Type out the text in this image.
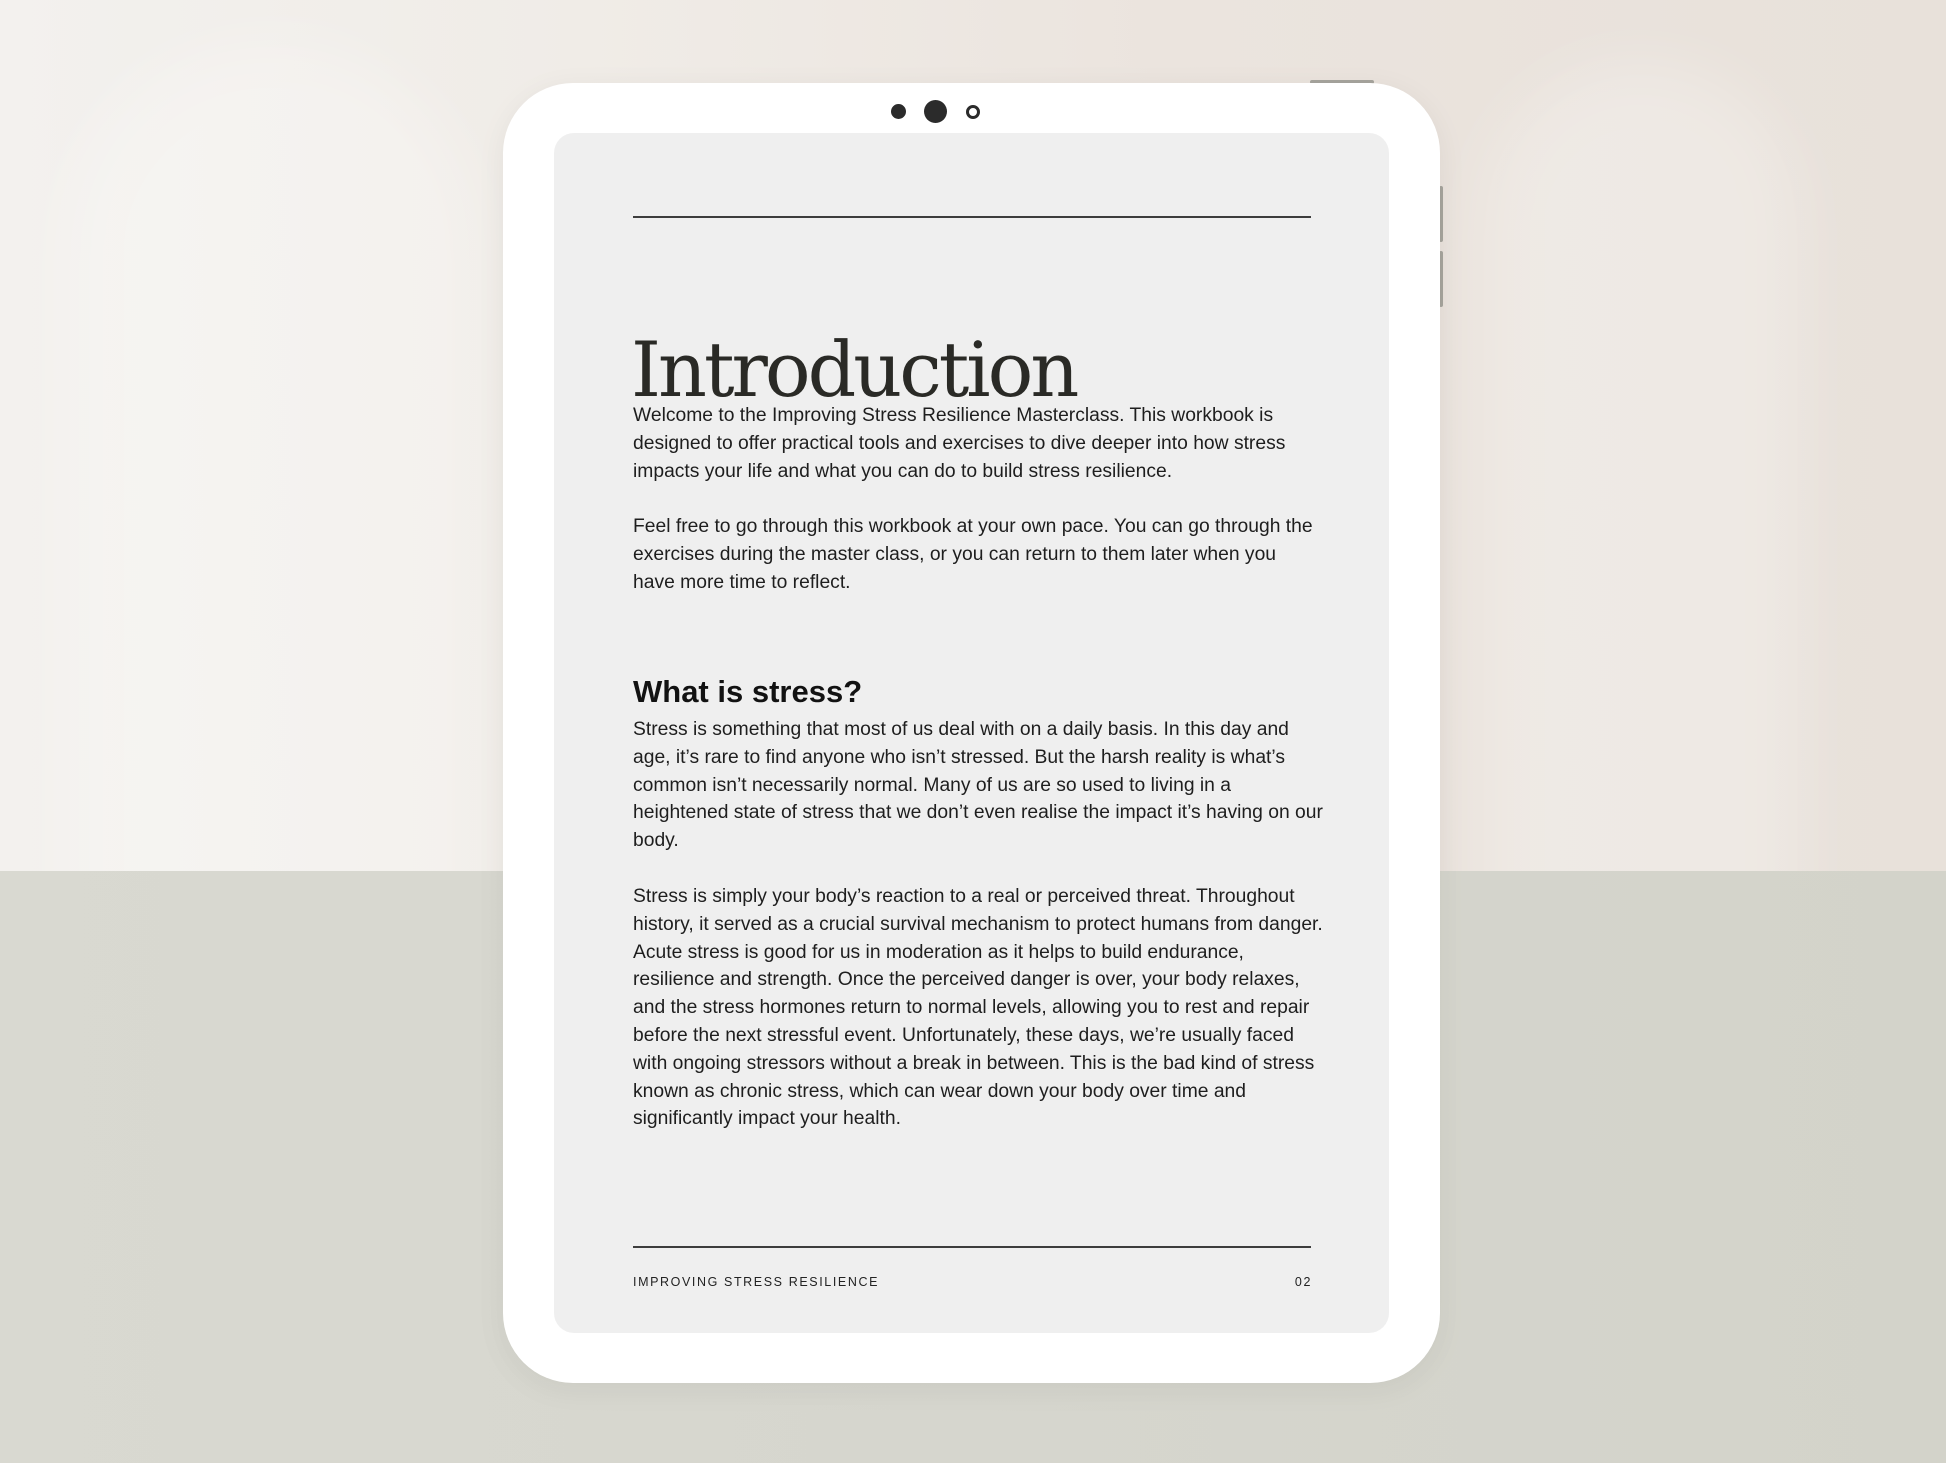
Introduction

Welcome to the Improving Stress Resilience Masterclass. This workbook is designed to offer practical tools and exercises to dive deeper into how stress impacts your life and what you can do to build stress resilience.

Feel free to go through this workbook at your own pace. You can go through the exercises during the master class, or you can return to them later when you have more time to reflect.

What is stress?

Stress is something that most of us deal with on a daily basis. In this day and age, it’s rare to find anyone who isn’t stressed. But the harsh reality is what’s common isn’t necessarily normal. Many of us are so used to living in a heightened state of stress that we don’t even realise the impact it’s having on our body.

Stress is simply your body’s reaction to a real or perceived threat. Throughout history, it served as a crucial survival mechanism to protect humans from danger. Acute stress is good for us in moderation as it helps to build endurance, resilience and strength. Once the perceived danger is over, your body relaxes, and the stress hormones return to normal levels, allowing you to rest and repair before the next stressful event. Unfortunately, these days, we’re usually faced with ongoing stressors without a break in between. This is the bad kind of stress known as chronic stress, which can wear down your body over time and significantly impact your health.

IMPROVING STRESS RESILIENCE	02
